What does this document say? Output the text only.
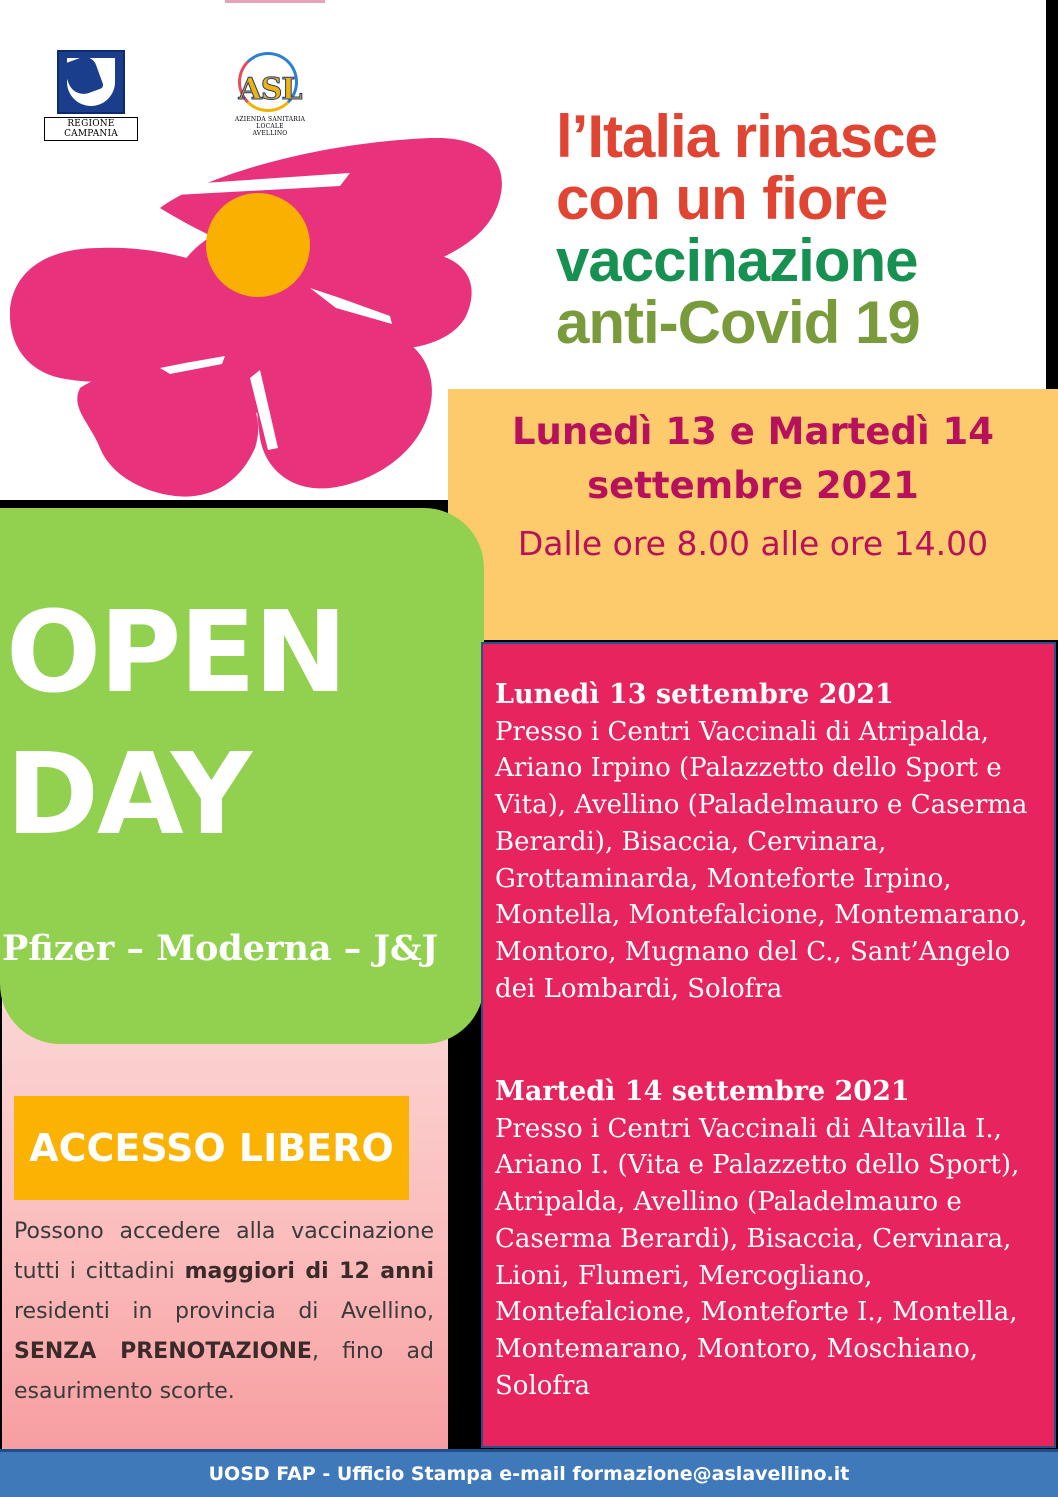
REGIONE CAMPANIA
ASL
AZIENDA SANITARIA LOCALE
AVELLINO	l’Italia rinasce
con un fiore
vaccinazione
anti-Covid 19
Lunedì 13 e Martedì 14
settembre 2021
Dalle ore 8.00 alle ore 14.00
ACCESSO LIBERO
Possono accedere alla vaccinazione tutti i cittadini maggiori di 12 anni residenti in provincia di Avellino, SENZA PRENOTAZIONE, fino ad esaurimento scorte.
OPEN
DAY
Pfizer – Moderna – J&J
Lunedì 13 settembre 2021
Presso i Centri Vaccinali di Atripalda, Ariano Irpino (Palazzetto dello Sport e Vita), Avellino (Paladelmauro e Caserma Berardi), Bisaccia, Cervinara, Grottaminarda, Monteforte Irpino, Montella, Montefalcione, Montemarano, Montoro, Mugnano del C., Sant’Angelo dei Lombardi, Solofra
Martedì 14 settembre 2021
Presso i Centri Vaccinali di Altavilla I., Ariano I. (Vita e Palazzetto dello Sport), Atripalda, Avellino (Paladelmauro e Caserma Berardi), Bisaccia, Cervinara, Lioni, Flumeri, Mercogliano, Montefalcione, Monteforte I., Montella, Montemarano, Montoro, Moschiano, Solofra
UOSD FAP - Ufficio Stampa e-mail formazione@aslavellino.it
